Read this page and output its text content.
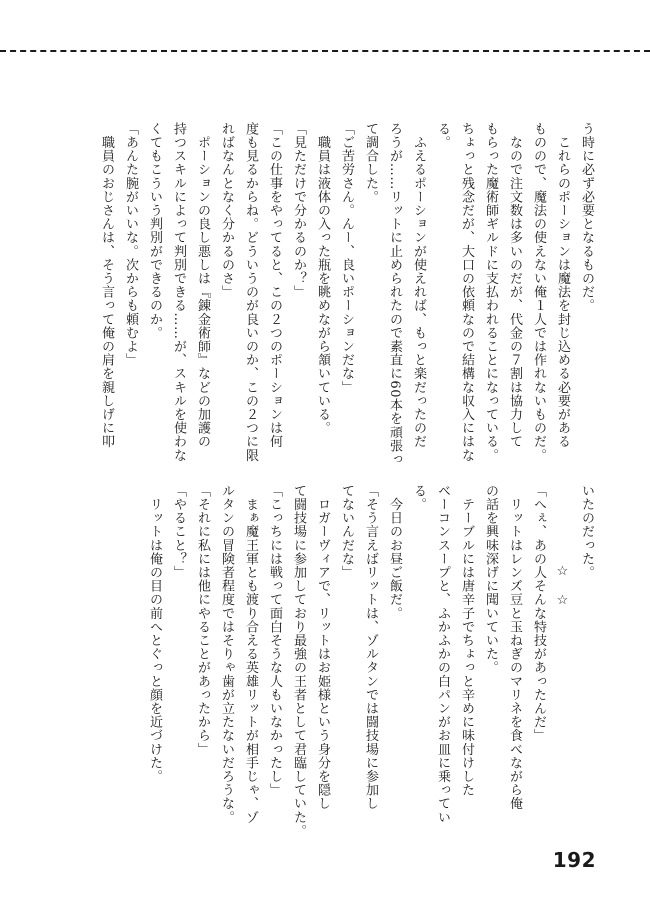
う時に必ず必要となるものだ。
　これらのポーションは魔法を封じ込める必要がある
ものので、魔法の使えない俺１人では作れないものだ。
　なので注文数は多いのだが、代金の７割は協力して
もらった魔術師ギルドに支払われることになっている。
ちょっと残念だが、大口の依頼なので結構な収入にはな
る。
　ふえるポーションが使えれば、もっと楽だったのだ
ろうが……リットに止められたので素直に60本を頑張っ
て調合した。
「ご苦労さん。んー、良いポーションだな」
　職員は液体の入った瓶を眺めながら頷いている。
「見ただけで分かるのか？」
「この仕事をやってると、この２つのポーションは何
度も見るからね。どういうのが良いのか、この２つに限
ればなんとなく分かるのさ」
　ポーションの良し悪しは『錬金術師』などの加護の
持つスキルによって判別できる……が、スキルを使わな
くてもこういう判別ができるのか。
「あんた腕がいいな。次からも頼むよ」
　職員のおじさんは、そう言って俺の肩を親しげに叩
いたのだった。
☆☆
「へぇ、あの人そんな特技があったんだ」
　リットはレンズ豆と玉ねぎのマリネを食べながら俺
の話を興味深げに聞いていた。
　テーブルには唐辛子でちょっと辛めに味付けした
ベーコンスープと、ふかふかの白パンがお皿に乗ってい
る。
　今日のお昼ご飯だ。
「そう言えばリットは、ゾルタンでは闘技場に参加し
てないんだな」
　ロガーヴィアで、リットはお姫様という身分を隠し
て闘技場に参加しており最強の王者として君臨していた。
「こっちには戦って面白そうな人もいなかったし」
　まぁ魔王軍とも渡り合える英雄リットが相手じゃ、ゾ
ルタンの冒険者程度ではそりゃ歯が立たないだろうな。
「それに私には他にやることがあったから」
「やること？」
　リットは俺の目の前へとぐっと顔を近づけた。
192
